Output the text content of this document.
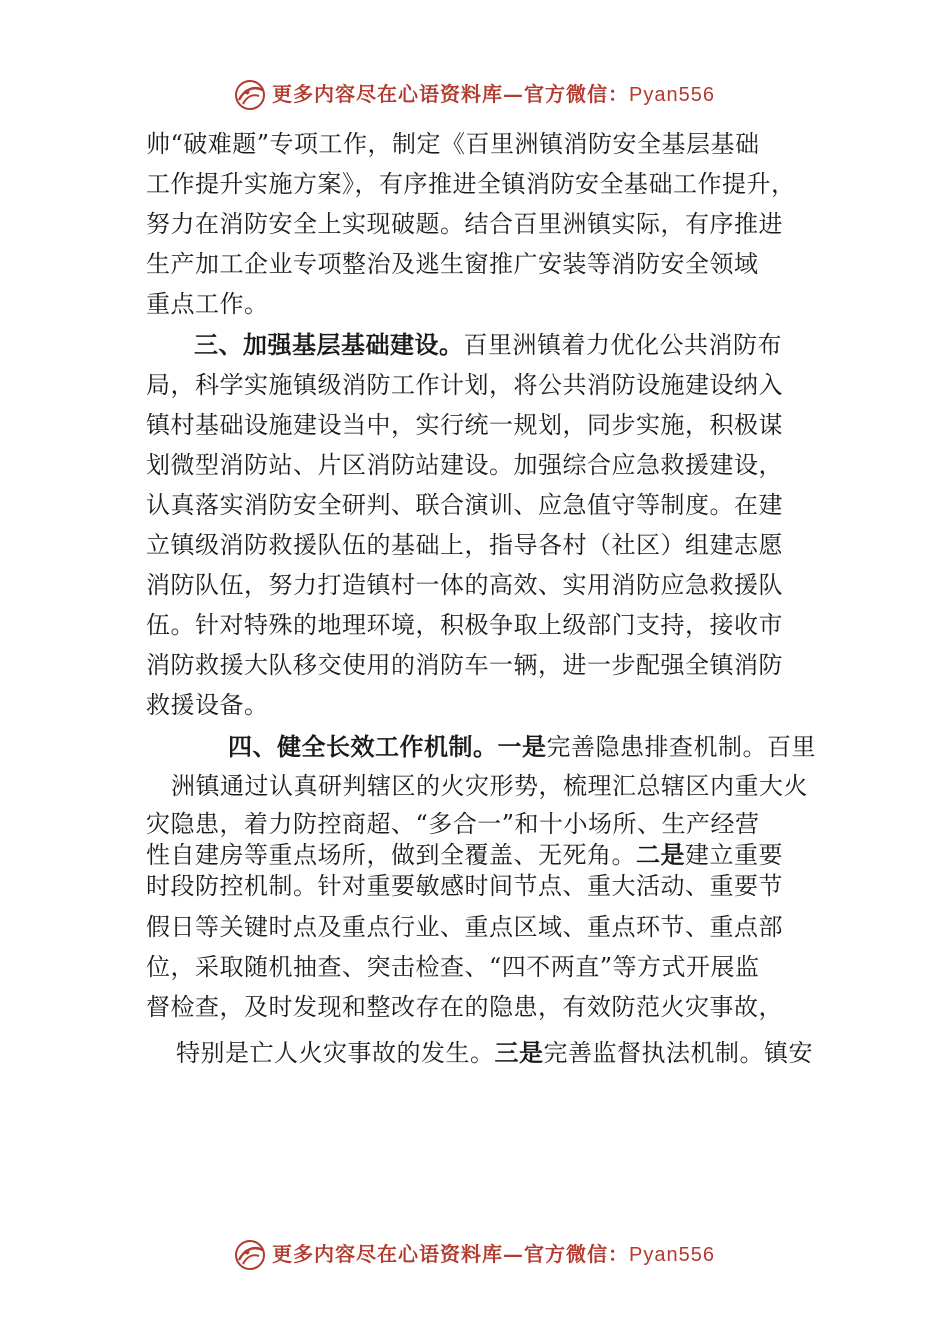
更多内容尽在心语资料库—官方微信：Pyan556
帅“破难题”专项工作，制定《百里洲镇消防安全基层基础
工作提升实施方案》，有序推进全镇消防安全基础工作提升，
努力在消防安全上实现破题。结合百里洲镇实际，有序推进
生产加工企业专项整治及逃生窗推广安装等消防安全领域
重点工作。
三、加强基层基础建设。百里洲镇着力优化公共消防布
局，科学实施镇级消防工作计划，将公共消防设施建设纳入
镇村基础设施建设当中，实行统一规划，同步实施，积极谋
划微型消防站、片区消防站建设。加强综合应急救援建设，
认真落实消防安全研判、联合演训、应急值守等制度。在建
立镇级消防救援队伍的基础上，指导各村（社区）组建志愿
消防队伍，努力打造镇村一体的高效、实用消防应急救援队
伍。针对特殊的地理环境，积极争取上级部门支持，接收市
消防救援大队移交使用的消防车一辆，进一步配强全镇消防
救援设备。
四、健全长效工作机制。一是完善隐患排查机制。百里
洲镇通过认真研判辖区的火灾形势，梳理汇总辖区内重大火
灾隐患，着力防控商超、“多合一”和十小场所、生产经营
性自建房等重点场所，做到全覆盖、无死角。二是建立重要
时段防控机制。针对重要敏感时间节点、重大活动、重要节
假日等关键时点及重点行业、重点区域、重点环节、重点部
位，采取随机抽查、突击检查、“四不两直”等方式开展监
督检查，及时发现和整改存在的隐患，有效防范火灾事故，
特别是亡人火灾事故的发生。三是完善监督执法机制。镇安
更多内容尽在心语资料库—官方微信：Pyan556
